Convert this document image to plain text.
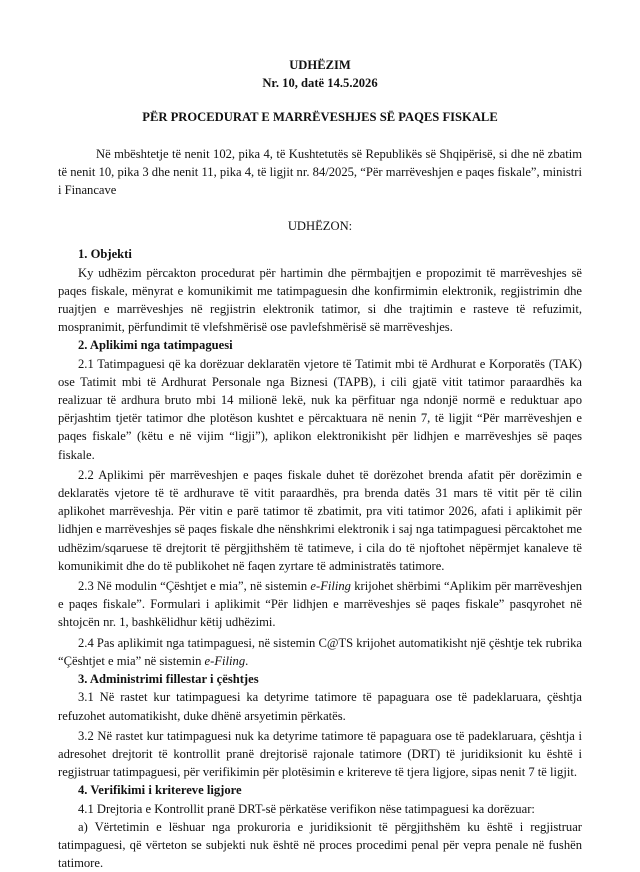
UDHËZIM
Nr. 10, datë 14.5.2026
PËR PROCEDURAT E MARRËVESHJES SË PAQES FISKALE

Në mbështetje të nenit 102, pika 4, të Kushtetutës së Republikës së Shqipërisë, si dhe në zbatim të nenit 10, pika 3 dhe nenit 11, pika 4, të ligjit nr. 84/2025, “Për marrëveshjen e paqes fiskale”, ministri i Financave

UDHËZON:
1. Objekti

Ky udhëzim përcakton procedurat për hartimin dhe përmbajtjen e propozimit të marrëveshjes së paqes fiskale, mënyrat e komunikimit me tatimpaguesin dhe konfirmimin elektronik, regjistrimin dhe ruajtjen e marrëveshjes në regjistrin elektronik tatimor, si dhe trajtimin e rasteve të refuzimit, mospranimit, përfundimit të vlefshmërisë ose pavlefshmërisë së marrëveshjes.

2. Aplikimi nga tatimpaguesi

2.1 Tatimpaguesi që ka dorëzuar deklaratën vjetore të Tatimit mbi të Ardhurat e Korporatës (TAK) ose Tatimit mbi të Ardhurat Personale nga Biznesi (TAPB), i cili gjatë vitit tatimor paraardhës ka realizuar të ardhura bruto mbi 14 milionë lekë, nuk ka përfituar nga ndonjë normë e reduktuar apo përjashtim tjetër tatimor dhe plotëson kushtet e përcaktuara në nenin 7, të ligjit “Për marrëveshjen e paqes fiskale” (këtu e në vijim “ligji”), aplikon elektronikisht për lidhjen e marrëveshjes së paqes fiskale.

2.2 Aplikimi për marrëveshjen e paqes fiskale duhet të dorëzohet brenda afatit për dorëzimin e deklaratës vjetore të të ardhurave të vitit paraardhës, pra brenda datës 31 mars të vitit për të cilin aplikohet marrëveshja. Për vitin e parë tatimor të zbatimit, pra viti tatimor 2026, afati i aplikimit për lidhjen e marrëveshjes së paqes fiskale dhe nënshkrimi elektronik i saj nga tatimpaguesi përcaktohet me udhëzim/sqaruese të drejtorit të përgjithshëm të tatimeve, i cila do të njoftohet nëpërmjet kanaleve të komunikimit dhe do të publikohet në faqen zyrtare të administratës tatimore.

2.3 Në modulin “Çështjet e mia”, në sistemin e-Filing krijohet shërbimi “Aplikim për marrëveshjen e paqes fiskale”. Formulari i aplikimit “Për lidhjen e marrëveshjes së paqes fiskale” pasqyrohet në shtojcën nr. 1, bashkëlidhur këtij udhëzimi.

2.4 Pas aplikimit nga tatimpaguesi, në sistemin C@TS krijohet automatikisht një çështje tek rubrika “Çështjet e mia” në sistemin e-Filing.

3. Administrimi fillestar i çështjes

3.1 Në rastet kur tatimpaguesi ka detyrime tatimore të papaguara ose të padeklaruara, çështja refuzohet automatikisht, duke dhënë arsyetimin përkatës.

3.2 Në rastet kur tatimpaguesi nuk ka detyrime tatimore të papaguara ose të padeklaruara, çështja i adresohet drejtorit të kontrollit pranë drejtorisë rajonale tatimore (DRT) të juridiksionit ku është i regjistruar tatimpaguesi, për verifikimin për plotësimin e kritereve të tjera ligjore, sipas nenit 7 të ligjit.

4. Verifikimi i kritereve ligjore

4.1 Drejtoria e Kontrollit pranë DRT-së përkatëse verifikon nëse tatimpaguesi ka dorëzuar:

a) Vërtetimin e lëshuar nga prokuroria e juridiksionit të përgjithshëm ku është i regjistruar tatimpaguesi, që vërteton se subjekti nuk është në proces procedimi penal për vepra penale në fushën tatimore.
